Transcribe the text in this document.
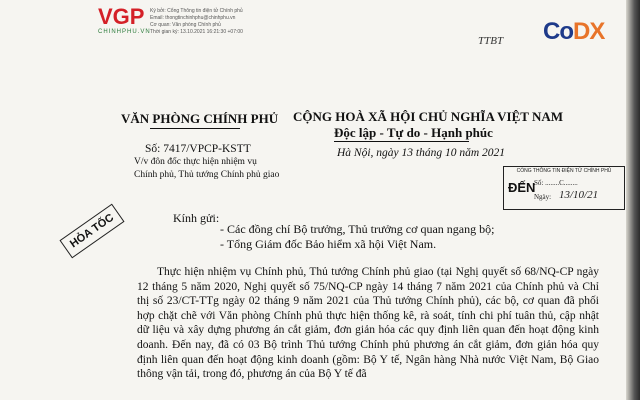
VGP
CHINHPHU.VN
Ký bởi: Cổng Thông tin điện tử Chính phủ
Email: thongtinchinhphu@chinhphu.vn
Cơ quan: Văn phòng Chính phủ
Thời gian ký: 13.10.2021 16:21:30 +07:00	CoDX
TTBT
VĂN PHÒNG CHÍNH PHỦ CỘNG HOÀ XÃ HỘI CHỦ NGHĨA VIỆT NAM
Độc lập - Tự do - Hạnh phúc
Số: 7417/VPCP-KSTT
V/v đôn đốc thực hiện nhiệm vụ
Chính phủ, Thủ tướng Chính phủ giao
Hà Nội, ngày 13 tháng 10 năm 2021
CỔNG THÔNG TIN ĐIỆN TỬ CHÍNH PHỦ
ĐẾN
Số: ........C........
Ngày: 13/10/21
HỎA TỐC	Kính gửi:
- Các đồng chí Bộ trưởng, Thủ trưởng cơ quan ngang bộ;
- Tổng Giám đốc Bảo hiểm xã hội Việt Nam.

Thực hiện nhiệm vụ Chính phủ, Thủ tướng Chính phủ giao (tại Nghị quyết số 68/NQ-CP ngày 12 tháng 5 năm 2020, Nghị quyết số 75/NQ-CP ngày 14 tháng 7 năm 2021 của Chính phủ và Chỉ thị số 23/CT-TTg ngày 02 tháng 9 năm 2021 của Thủ tướng Chính phủ), các bộ, cơ quan đã phối hợp chặt chẽ với Văn phòng Chính phủ thực hiện thống kê, rà soát, tính chi phí tuân thủ, cập nhật dữ liệu và xây dựng phương án cắt giảm, đơn giản hóa các quy định liên quan đến hoạt động kinh doanh. Đến nay, đã có 03 Bộ trình Thủ tướng Chính phủ phương án cắt giảm, đơn giản hóa quy định liên quan đến hoạt động kinh doanh (gồm: Bộ Y tế, Ngân hàng Nhà nước Việt Nam, Bộ Giao thông vận tải, trong đó, phương án của Bộ Y tế đã
